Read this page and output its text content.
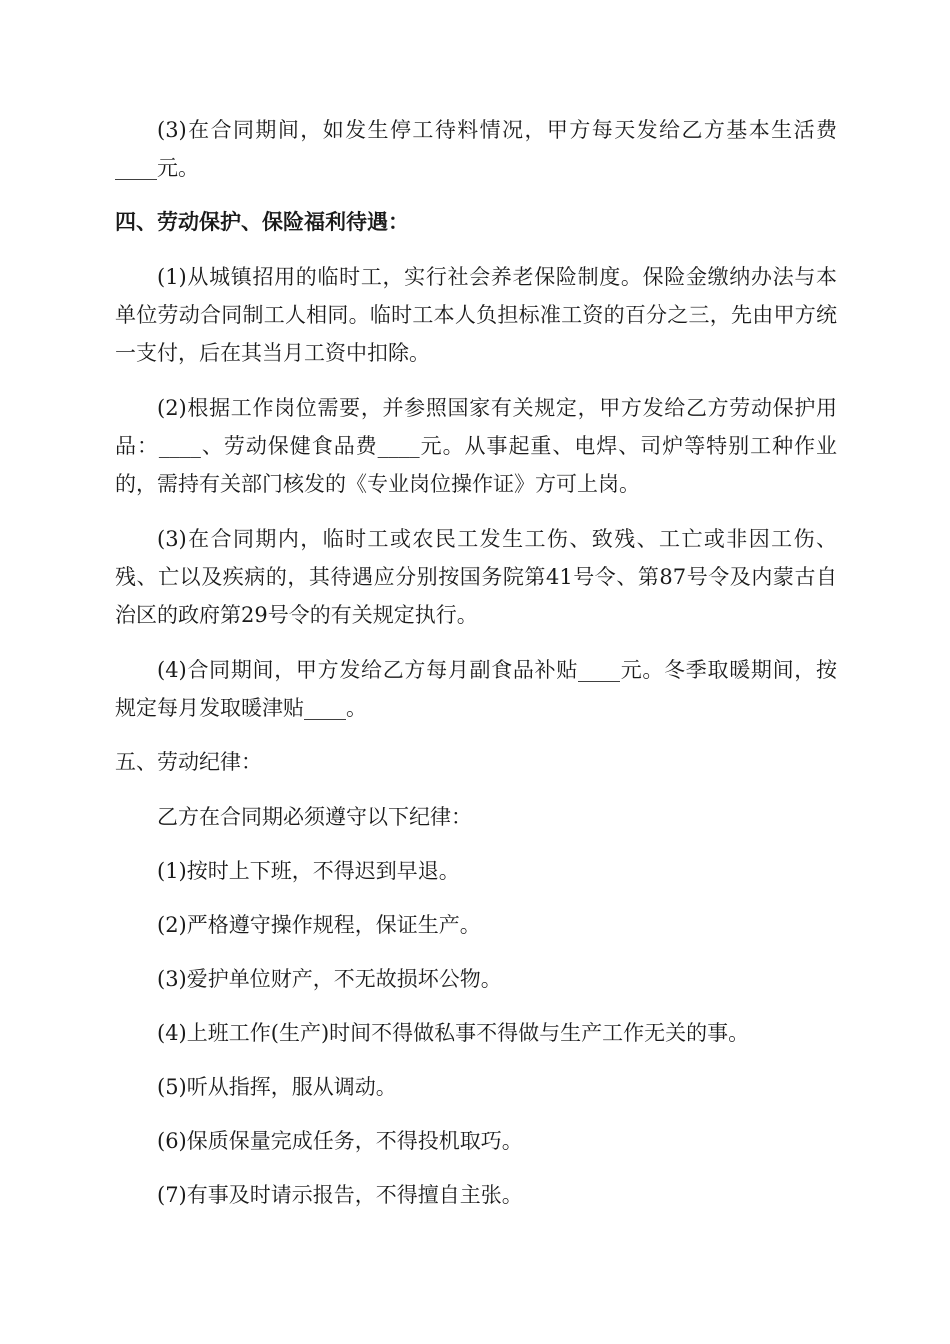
(3)在合同期间，如发生停工待料情况，甲方每天发给乙方基本生活费____元。

四、劳动保护、保险福利待遇：

(1)从城镇招用的临时工，实行社会养老保险制度。保险金缴纳办法与本单位劳动合同制工人相同。临时工本人负担标准工资的百分之三，先由甲方统一支付，后在其当月工资中扣除。

(2)根据工作岗位需要，并参照国家有关规定，甲方发给乙方劳动保护用品：____、劳动保健食品费____元。从事起重、电焊、司炉等特别工种作业的，需持有关部门核发的《专业岗位操作证》方可上岗。

(3)在合同期内，临时工或农民工发生工伤、致残、工亡或非因工伤、残、亡以及疾病的，其待遇应分别按国务院第41号令、第87号令及内蒙古自治区的政府第29号令的有关规定执行。

(4)合同期间，甲方发给乙方每月副食品补贴____元。冬季取暖期间，按规定每月发取暖津贴____。

五、劳动纪律：

乙方在合同期必须遵守以下纪律：

(1)按时上下班，不得迟到早退。

(2)严格遵守操作规程，保证生产。

(3)爱护单位财产，不无故损坏公物。

(4)上班工作(生产)时间不得做私事不得做与生产工作无关的事。

(5)听从指挥，服从调动。

(6)保质保量完成任务，不得投机取巧。

(7)有事及时请示报告，不得擅自主张。
